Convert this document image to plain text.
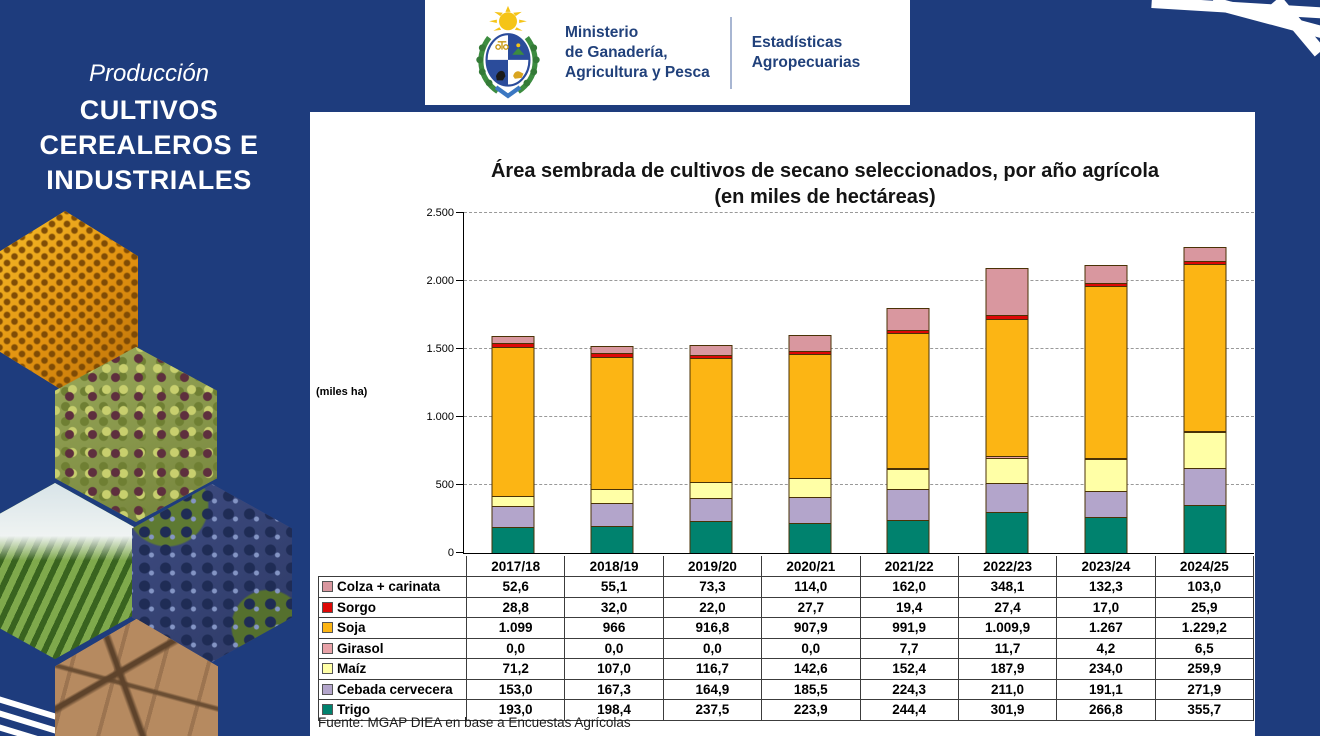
Producción
CULTIVOS
CEREALEROS E
INDUSTRIALES
Ministerio
de Ganadería,
Agricultura y Pesca
Estadísticas
Agropecuarias
Área sembrada de cultivos de secano seleccionados, por año agrícola
(en miles de hectáreas)
(miles ha)
0
500
1.000
1.500
2.000
2.500
	2017/18	2018/19	2019/20	2020/21	2021/22	2022/23	2023/24	2024/25
Colza + carinata	52,6	55,1	73,3	114,0	162,0	348,1	132,3	103,0
Sorgo	28,8	32,0	22,0	27,7	19,4	27,4	17,0	25,9
Soja	1.099	966	916,8	907,9	991,9	1.009,9	1.267	1.229,2
Girasol	0,0	0,0	0,0	0,0	7,7	11,7	4,2	6,5
Maíz	71,2	107,0	116,7	142,6	152,4	187,9	234,0	259,9
Cebada cervecera	153,0	167,3	164,9	185,5	224,3	211,0	191,1	271,9
Trigo	193,0	198,4	237,5	223,9	244,4	301,9	266,8	355,7
Fuente: MGAP DIEA en base a Encuestas Agrícolas
